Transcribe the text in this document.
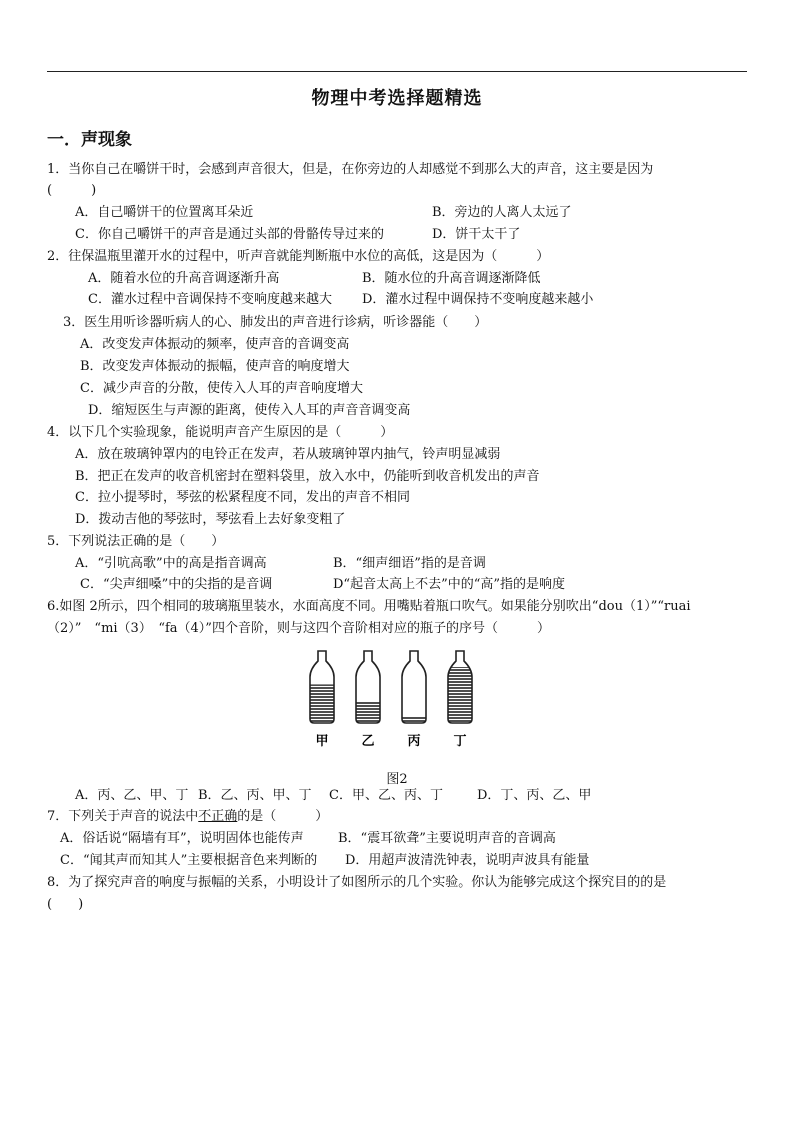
物理中考选择题精选
一．声现象
1．当你自己在嚼饼干时，会感到声音很大，但是，在你旁边的人却感觉不到那么大的声音，这主要是因为
(　　　)
A．自己嚼饼干的位置离耳朵近	B．旁边的人离人太远了
C．你自己嚼饼干的声音是通过头部的骨骼传导过来的	D．饼干太干了
2．往保温瓶里灌开水的过程中，听声音就能判断瓶中水位的高低，这是因为（　　　）
A．随着水位的升高音调逐渐升高	B．随水位的升高音调逐渐降低
C．灌水过程中音调保持不变响度越来越大 D．灌水过程中调保持不变响度越来越小
3．医生用听诊器听病人的心、肺发出的声音进行诊病，听诊器能（　　）
A．改变发声体振动的频率，使声音的音调变高
B．改变发声体振动的振幅，使声音的响度增大
C．减少声音的分散，使传入人耳的声音响度增大
D．缩短医生与声源的距离，使传入人耳的声音音调变高
4．以下几个实验现象，能说明声音产生原因的是（　　　）
A．放在玻璃钟罩内的电铃正在发声，若从玻璃钟罩内抽气，铃声明显减弱
B．把正在发声的收音机密封在塑料袋里，放入水中，仍能听到收音机发出的声音
C．拉小提琴时，琴弦的松紧程度不同，发出的声音不相同
D．拨动吉他的琴弦时，琴弦看上去好象变粗了
5．下列说法正确的是（　　）
A．“引吭高歌”中的高是指音调高	B．“细声细语”指的是音调
C．“尖声细嗓”中的尖指的是音调	D“起音太高上不去”中的“高”指的是响度
6.如图 2所示，四个相同的玻璃瓶里装水，水面高度不同。用嘴贴着瓶口吹气。如果能分别吹出“dou（1）”“ruai
（2）”　“mi（3）　“fa（4）”四个音阶，则与这四个音阶相对应的瓶子的序号（　　　）
甲	乙	丙	丁
图2
A．丙、乙、甲、丁 B．乙、丙、甲、丁 C．甲、乙、丙、丁	D．丁、丙、乙、甲
7．下列关于声音的说法中不正确的是（　　　）
A．俗话说“隔墙有耳”，说明固体也能传声	B．“震耳欲聋”主要说明声音的音调高
C．“闻其声而知其人”主要根据音色来判断的 D．用超声波清洗钟表，说明声波具有能量
8．为了探究声音的响度与振幅的关系，小明设计了如图所示的几个实验。你认为能够完成这个探究目的的是
(　　)
